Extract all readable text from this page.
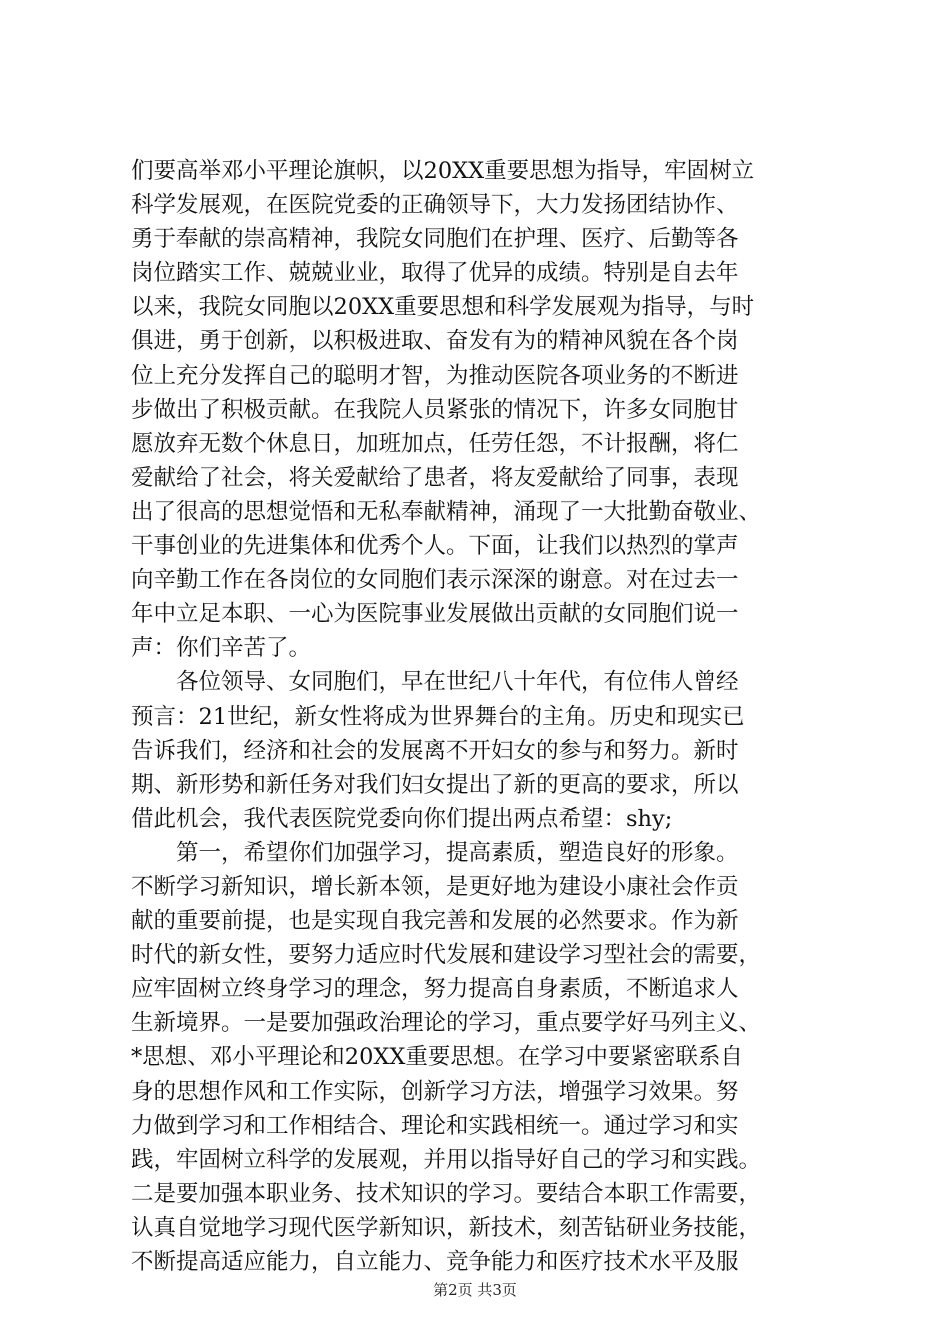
们要高举邓小平理论旗帜，以20XX重要思想为指导，牢固树立
科学发展观，在医院党委的正确领导下，大力发扬团结协作、
勇于奉献的崇高精神，我院女同胞们在护理、医疗、后勤等各
岗位踏实工作、兢兢业业，取得了优异的成绩。特别是自去年
以来，我院女同胞以20XX重要思想和科学发展观为指导，与时
俱进，勇于创新，以积极进取、奋发有为的精神风貌在各个岗
位上充分发挥自己的聪明才智，为推动医院各项业务的不断进
步做出了积极贡献。在我院人员紧张的情况下，许多女同胞甘
愿放弃无数个休息日，加班加点，任劳任怨，不计报酬，将仁
爱献给了社会，将关爱献给了患者，将友爱献给了同事，表现
出了很高的思想觉悟和无私奉献精神，涌现了一大批勤奋敬业、
干事创业的先进集体和优秀个人。下面，让我们以热烈的掌声
向辛勤工作在各岗位的女同胞们表示深深的谢意。对在过去一
年中立足本职、一心为医院事业发展做出贡献的女同胞们说一
声：你们辛苦了。
　　各位领导、女同胞们，早在世纪八十年代，有位伟人曾经
预言：21世纪，新女性将成为世界舞台的主角。历史和现实已
告诉我们，经济和社会的发展离不开妇女的参与和努力。新时
期、新形势和新任务对我们妇女提出了新的更高的要求，所以
借此机会，我代表医院党委向你们提出两点希望：shy;
　　第一，希望你们加强学习，提高素质，塑造良好的形象。
不断学习新知识，增长新本领，是更好地为建设小康社会作贡
献的重要前提，也是实现自我完善和发展的必然要求。作为新
时代的新女性，要努力适应时代发展和建设学习型社会的需要，
应牢固树立终身学习的理念，努力提高自身素质，不断追求人
生新境界。一是要加强政治理论的学习，重点要学好马列主义、
*思想、邓小平理论和20XX重要思想。在学习中要紧密联系自
身的思想作风和工作实际，创新学习方法，增强学习效果。努
力做到学习和工作相结合、理论和实践相统一。通过学习和实
践，牢固树立科学的发展观，并用以指导好自己的学习和实践。
二是要加强本职业务、技术知识的学习。要结合本职工作需要，
认真自觉地学习现代医学新知识，新技术，刻苦钻研业务技能，
不断提高适应能力，自立能力、竞争能力和医疗技术水平及服
第2页 共3页
